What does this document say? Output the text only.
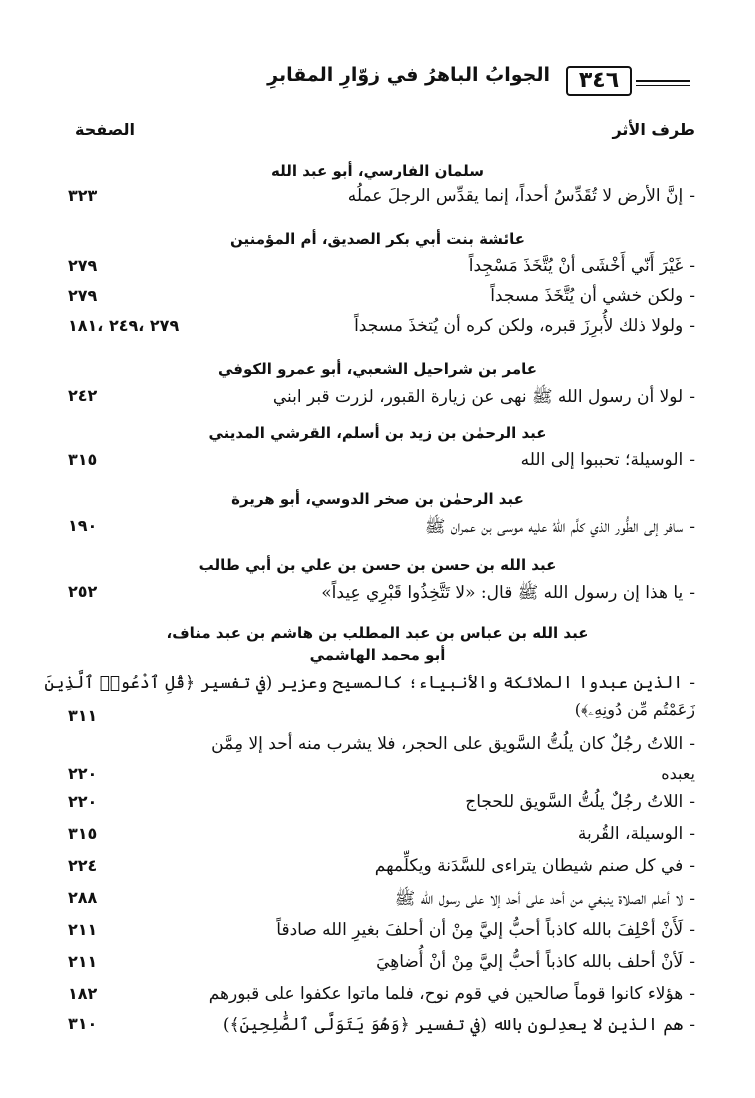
٣٤٦
الجوابُ الباهرُ في زوّارِ المقابرِ
طرف الأثر
الصفحة
سلمان الفارسي، أبو عبد الله
-إنَّ الأرض لا تُقَدِّسُ أحداً، إنما يقدِّس الرجلَ عملُه
٣٢٣
عائشة بنت أبي بكر الصديق، أم المؤمنين
-غَيْرَ أَنّي أَخْشَى أنْ يُتَّخَذَ مَسْجِداً
٢٧٩
-ولكن خشي أن يُتَّخَذَ مسجداً
٢٧٩
-ولولا ذلك لأُبرِزَ قبره، ولكن كره أن يُتخذَ مسجداً
٢٧٩ ،٢٤٩ ،١٨١
عامر بن شراحيل الشعبي، أبو عمرو الكوفي
-لولا أن رسول الله ﷺ نهى عن زيارة القبور، لزرت قبر ابني
٢٤٢
عبد الرحمٰن بن زيد بن أسلم، القرشي المديني
-الوسيلة؛ تحببوا إلى الله
٣١٥
عبد الرحمٰن بن صخر الدوسي، أبو هريرة
-سافر إلى الطُّور الذي كلَّم اللهُ عليه موسى بن عمران ﷺ
١٩٠
عبد الله بن حسن بن حسن بن علي بن أبي طالب
-يا هذا إن رسول الله ﷺ قال: «لا تَتَّخِذُوا قَبْرِي عِيداً»
٢٥٢
عبد الله بن عباس بن عبد المطلب بن هاشم بن عبد مناف،
أبو محمد الهاشمي
-الذين عبدوا الملائكة والأنبياء؛ كالمسيح وعزير (في تفسير ﴿قُلِ ٱدْعُوا۟ ٱلَّذِينَ
زَعَمْتُم مِّن دُونِهِۦ﴾)
٣١١
-اللاتُ رجُلٌ كان يلُتُّ السَّويق على الحجر، فلا يشرب منه أحد إلا مِمَّن
يعبده
٢٢٠
-اللاتُ رجُلٌ يلُتُّ السَّويق للحجاج
٢٢٠
-الوسيلة، القُربة
٣١٥
-في كل صنم شيطان يتراءى للسَّدَنة ويكلِّمهم
٢٢٤
-لا أعلم الصلاة ينبغي من أحد على أحد إلا على رسول الله ﷺ
٢٨٨
-لَأَنْ أحْلِفَ بالله كاذباً أحبُّ إليَّ مِنْ أن أحلفَ بغيرِ الله صادقاً
٢١١
-لَأنْ أحلف بالله كاذباً أحبُّ إليَّ مِنْ أنْ أُضاهِيَ
٢١١
-هؤلاء كانوا قوماً صالحين في قوم نوح، فلما ماتوا عكفوا على قبورهم
١٨٢
-هم الذين لا يعدِلون بالله (في تفسير ﴿وَهُوَ يَتَوَلَّى ٱلصَّٰلِحِينَ﴾)
٣١٠
